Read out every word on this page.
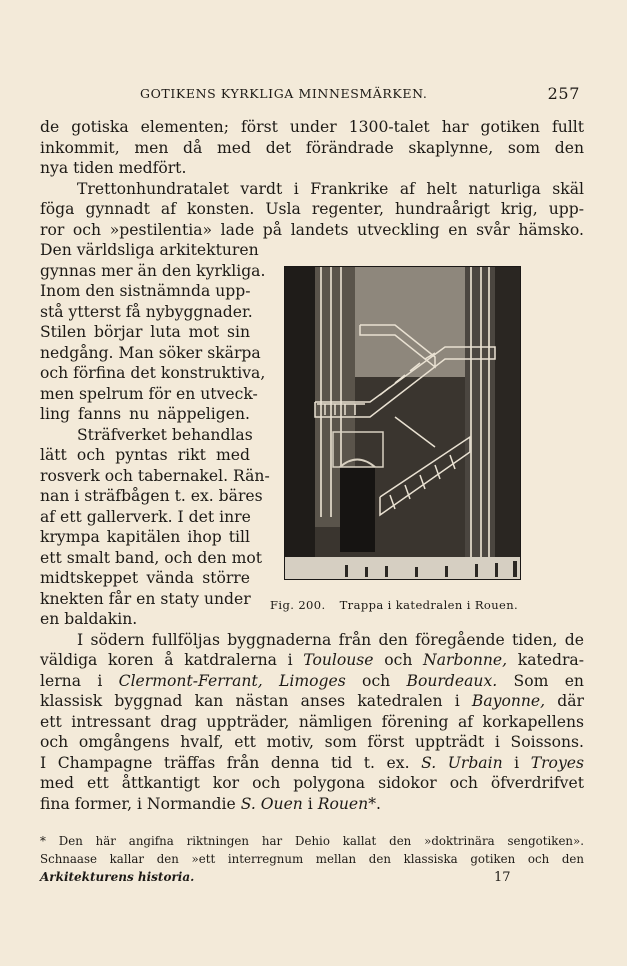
GOTIKENS KYRKLIGA MINNESMÄRKEN.	257
de gotiska elementen; först under 1300-talet har gotiken fullt
inkommit, men då med det förändrade skaplynne, som den
nya tiden medfört.
Trettonhundratalet vardt i Frankrike af helt naturliga skäl
föga gynnadt af konsten. Usla regenter, hundraårigt krig, upp-
ror och »pestilentia» lade på landets utveckling en svår hämsko.
Den världsliga arkitekturen
gynnas mer än den kyrkliga.
Inom den sistnämnda upp-
stå ytterst få nybyggnader.
Stilen börjar luta mot sin
nedgång. Man söker skärpa
och förfina det konstruktiva,
men spelrum för en utveck-
ling fanns nu näppeligen.
Sträfverket behandlas
lätt och pyntas rikt med
rosverk och tabernakel. Rän-
nan i sträfbågen t. ex. bäres
af ett gallerverk. I det inre
krympa kapitälen ihop till
ett smalt band, och den mot
midtskeppet vända större
knekten får en staty under
en baldakin.
I södern fullföljas byggnaderna från den föregående tiden, de
väldiga koren å katdralerna i Toulouse och Narbonne, katedra-
lerna i Clermont-Ferrant, Limoges och Bourdeaux. Som en
klassisk byggnad kan nästan anses katedralen i Bayonne, där
ett intressant drag uppträder, nämligen förening af korkapellens
och omgångens hvalf, ett motiv, som först uppträdt i Soissons.
I Champagne träffas från denna tid t. ex. S. Urbain i Troyes
med ett åttkantigt kor och polygona sidokor och öfverdrifvet
fina former, i Normandie S. Ouen i Rouen*.
Fig. 200. Trappa i katedralen i Rouen.
* Den här angifna riktningen har Dehio kallat den »doktrinära sengotiken».
Schnaase kallar den »ett interregnum mellan den klassiska gotiken och den
Arkitekturens historia.	17
